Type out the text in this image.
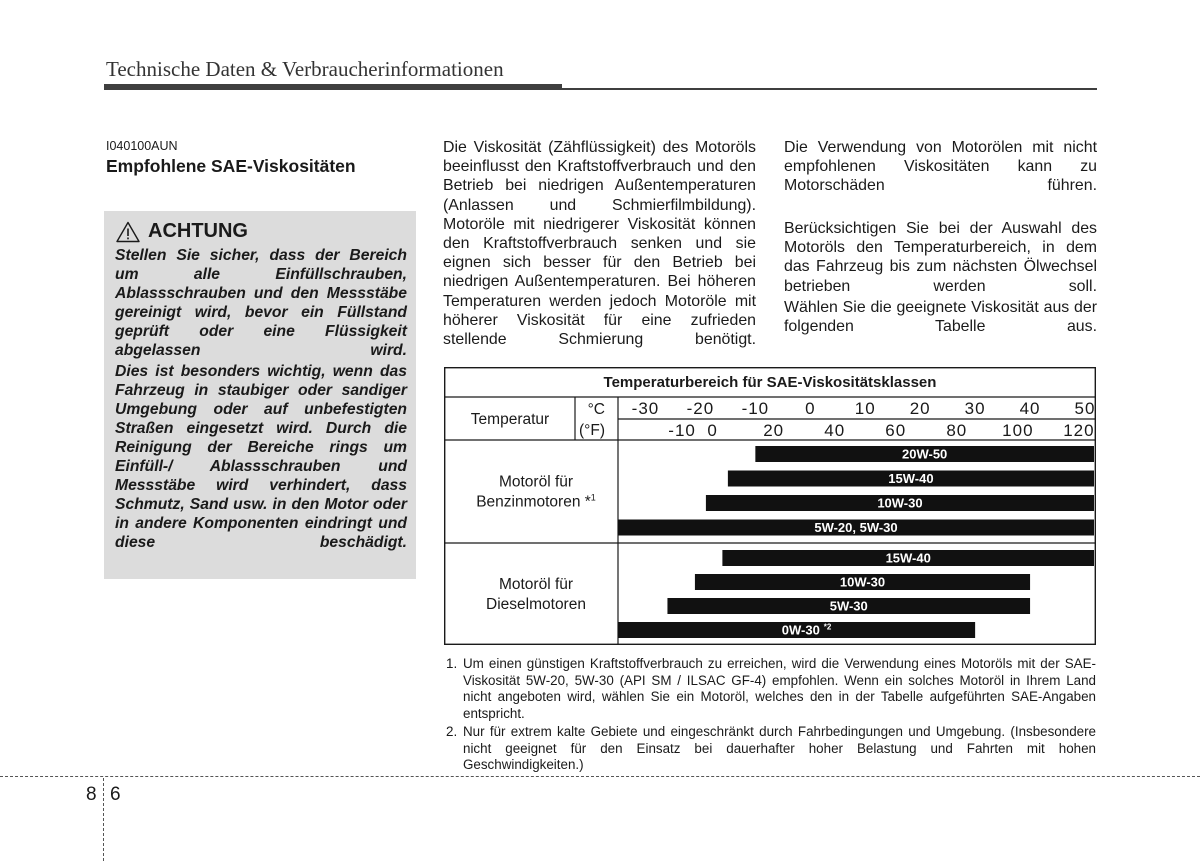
Technische Daten & Verbraucherinformationen
I040100AUN
Empfohlene SAE-Viskositäten
ACHTUNG
Stellen Sie sicher, dass der Bereich um alle Einfüllschrauben, Ablassschrauben und den Messstäbe gereinigt wird, bevor ein Füllstand geprüft oder eine Flüssigkeit abgelassen wird.
Dies ist besonders wichtig, wenn das Fahrzeug in staubiger oder sandiger Umgebung oder auf unbefestigten Straßen eingesetzt wird. Durch die Reinigung der Bereiche rings um Einfüll-/ Ablassschrauben und Messstäbe wird verhindert, dass Schmutz, Sand usw. in den Motor oder in andere Komponenten eindringt und diese beschädigt.
Die Viskosität (Zähflüssigkeit) des Motoröls beeinflusst den Kraftstoffverbrauch und den Betrieb bei niedrigen Außentemperaturen (Anlassen und Schmierfilmbildung). Motoröle mit niedrigerer Viskosität können den Kraftstoffverbrauch senken und sie eignen sich besser für den Betrieb bei niedrigen Außentemperaturen. Bei höheren Temperaturen werden jedoch Motoröle mit höherer Viskosität für eine zufrieden stellende Schmierung benötigt.
Die Verwendung von Motorölen mit nicht empfohlenen Viskositäten kann zu Motorschäden führen.
Berücksichtigen Sie bei der Auswahl des Motoröls den Temperaturbereich, in dem das Fahrzeug bis zum nächsten Ölwechsel betrieben werden soll.
Wählen Sie die geeignete Viskosität aus der folgenden Tabelle aus.
Temperaturbereich für SAE-Viskositätsklassen
Temperatur
°C
(°F)
-30 -20 -10 0 10 20 30 40 50
-10 0	20 40 60 80 100 120
Motoröl für
Benzinmotoren *$^1$
20W-50
15W-40
10W-30
5W-20, 5W-30
Motoröl für
Dieselmotoren
15W-40
10W-30
5W-30
0W-30 $^{*2}$
1. Um einen günstigen Kraftstoffverbrauch zu erreichen, wird die Verwendung eines Motoröls mit der SAE-Viskosität 5W-20, 5W-30 (API SM / ILSAC GF-4) empfohlen. Wenn ein solches Motoröl in Ihrem Land nicht angeboten wird, wählen Sie ein Motoröl, welches den in der Tabelle aufgeführten SAE-Angaben entspricht.
2. Nur für extrem kalte Gebiete und eingeschränkt durch Fahrbedingungen und Umgebung. (Insbesondere nicht geeignet für den Einsatz bei dauerhafter hoher Belastung und Fahrten mit hohen Geschwindigkeiten.)
8 6
